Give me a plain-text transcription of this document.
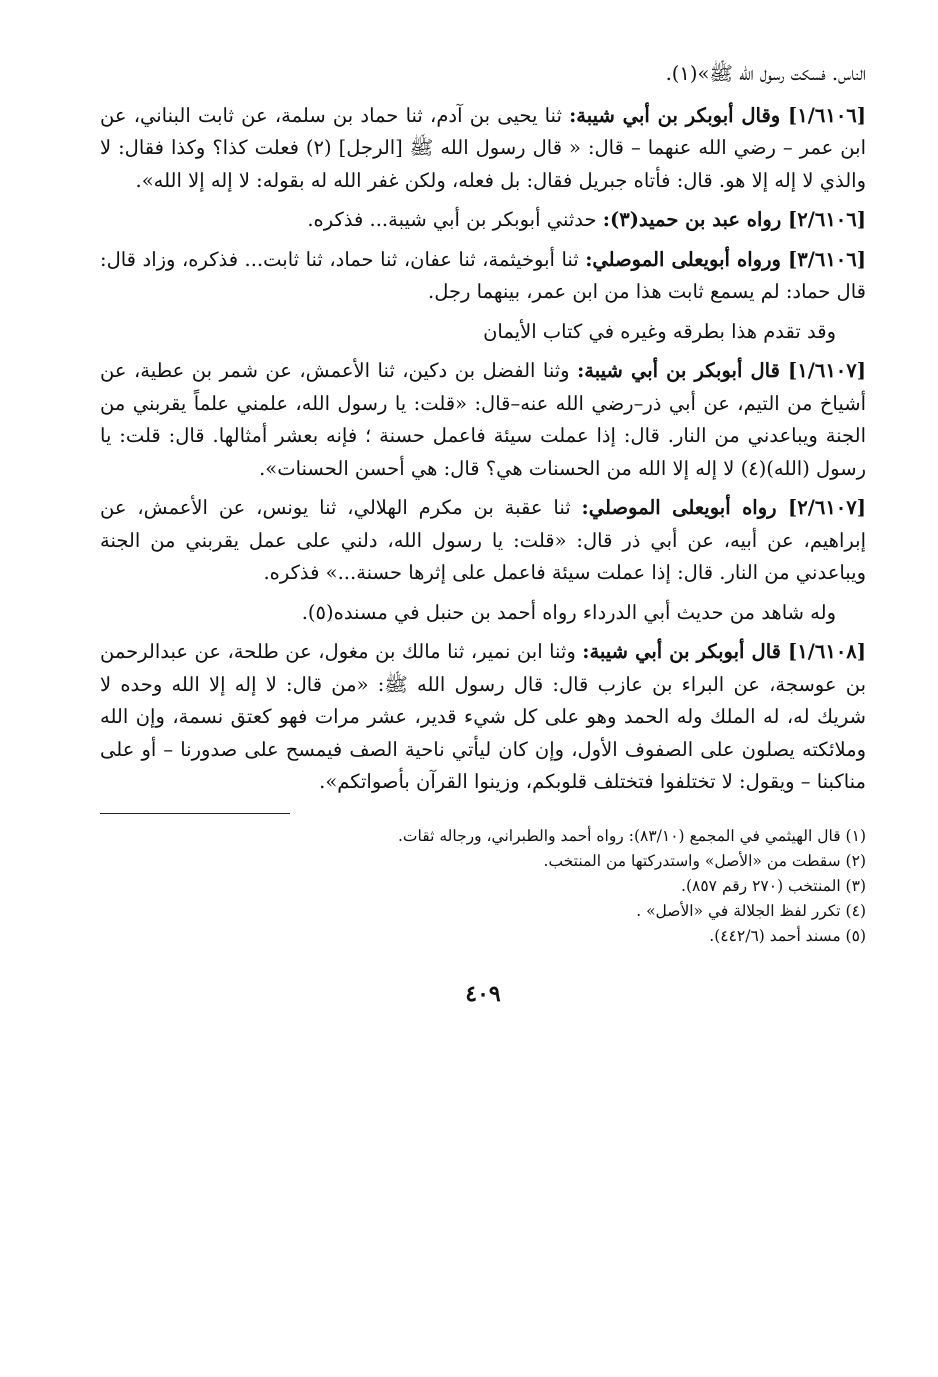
الناس. فسكت رسول الله ﷺ»(١).

[١/٦١٠٦] وقال أبوبكر بن أبي شيبة: ثنا يحيى بن آدم، ثنا حماد بن سلمة، عن ثابت البناني، عن ابن عمر – رضي الله عنهما – قال: « قال رسول الله ﷺ [الرجل] (٢) فعلت كذا؟ وكذا فقال: لا والذي لا إله إلا هو. قال: فأتاه جبريل فقال: بل فعله، ولكن غفر الله له بقوله: لا إله إلا الله».

[٢/٦١٠٦] رواه عبد بن حميد(٣): حدثني أبوبكر بن أبي شيبة... فذكره.

[٣/٦١٠٦] ورواه أبويعلى الموصلي: ثنا أبوخيثمة، ثنا عفان، ثنا حماد، ثنا ثابت... فذكره، وزاد قال: قال حماد: لم يسمع ثابت هذا من ابن عمر، بينهما رجل.

وقد تقدم هذا بطرقه وغيره في كتاب الأيمان

[١/٦١٠٧] قال أبوبكر بن أبي شيبة: وثنا الفضل بن دكين، ثنا الأعمش، عن شمر بن عطية، عن أشياخ من التيم، عن أبي ذر–رضي الله عنه–قال: «قلت: يا رسول الله، علمني علماً يقربني من الجنة ويباعدني من النار. قال: إذا عملت سيئة فاعمل حسنة ؛ فإنه بعشر أمثالها. قال: قلت: يا رسول (الله)(٤) لا إله إلا الله من الحسنات هي؟ قال: هي أحسن الحسنات».

[٢/٦١٠٧] رواه أبويعلى الموصلي: ثنا عقبة بن مكرم الهلالي، ثنا يونس، عن الأعمش، عن إبراهيم، عن أبيه، عن أبي ذر قال: «قلت: يا رسول الله، دلني على عمل يقربني من الجنة ويباعدني من النار. قال: إذا عملت سيئة فاعمل على إثرها حسنة...» فذكره.

وله شاهد من حديث أبي الدرداء رواه أحمد بن حنبل في مسنده(٥).

[١/٦١٠٨] قال أبوبكر بن أبي شيبة: وثنا ابن نمير، ثنا مالك بن مغول، عن طلحة، عن عبدالرحمن بن عوسجة، عن البراء بن عازب قال: قال رسول الله ﷺ: «من قال: لا إله إلا الله وحده لا شريك له، له الملك وله الحمد وهو على كل شيء قدير، عشر مرات فهو كعتق نسمة، وإن الله وملائكته يصلون على الصفوف الأول، وإن كان ليأتي ناحية الصف فيمسح على صدورنا – أو على مناكبنا – ويقول: لا تختلفوا فتختلف قلوبكم، وزينوا القرآن بأصواتكم».

(١) قال الهيثمي في المجمع (٨٣/١٠): رواه أحمد والطبراني، ورجاله ثقات.

(٢) سقطت من «الأصل» واستدركتها من المنتخب.

(٣) المنتخب (٢٧٠ رقم ٨٥٧).

(٤) تكرر لفظ الجلالة في «الأصل» .

(٥) مسند أحمد (٤٤٢/٦).

٤٠٩
